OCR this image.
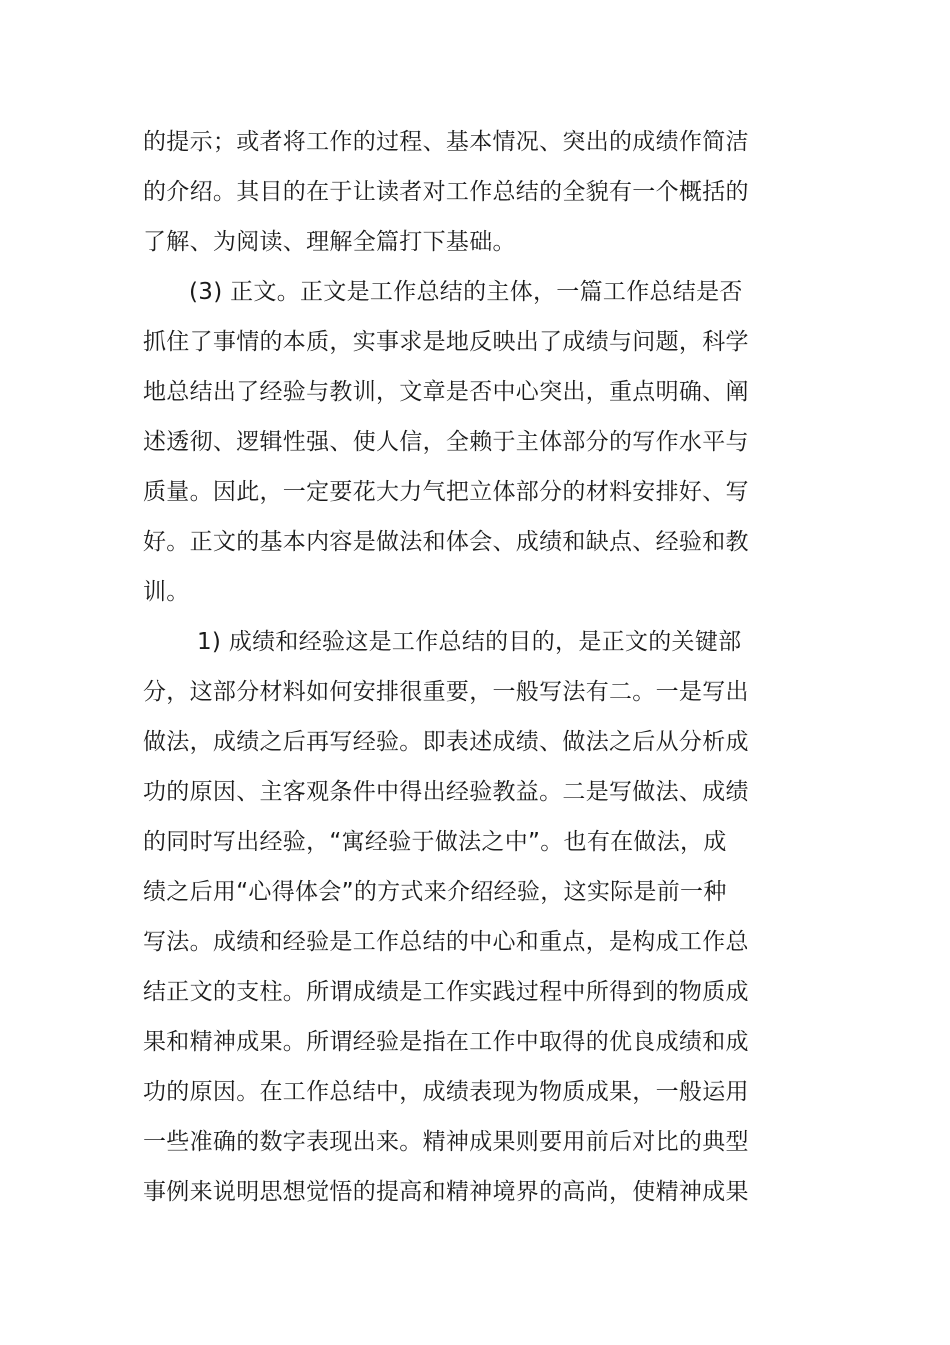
的提示；或者将工作的过程、基本情况、突出的成绩作简洁
的介绍。其目的在于让读者对工作总结的全貌有一个概括的
了解、为阅读、理解全篇打下基础。
(3) 正文。正文是工作总结的主体，一篇工作总结是否
抓住了事情的本质，实事求是地反映出了成绩与问题，科学
地总结出了经验与教训，文章是否中心突出，重点明确、阐
述透彻、逻辑性强、使人信，全赖于主体部分的写作水平与
质量。因此，一定要花大力气把立体部分的材料安排好、写
好。正文的基本内容是做法和体会、成绩和缺点、经验和教
训。
1) 成绩和经验这是工作总结的目的，是正文的关键部
分，这部分材料如何安排很重要，一般写法有二。一是写出
做法，成绩之后再写经验。即表述成绩、做法之后从分析成
功的原因、主客观条件中得出经验教益。二是写做法、成绩
的同时写出经验，“寓经验于做法之中”。也有在做法，成
绩之后用“心得体会”的方式来介绍经验，这实际是前一种
写法。成绩和经验是工作总结的中心和重点，是构成工作总
结正文的支柱。所谓成绩是工作实践过程中所得到的物质成
果和精神成果。所谓经验是指在工作中取得的优良成绩和成
功的原因。在工作总结中，成绩表现为物质成果，一般运用
一些准确的数字表现出来。精神成果则要用前后对比的典型
事例来说明思想觉悟的提高和精神境界的高尚，使精神成果
